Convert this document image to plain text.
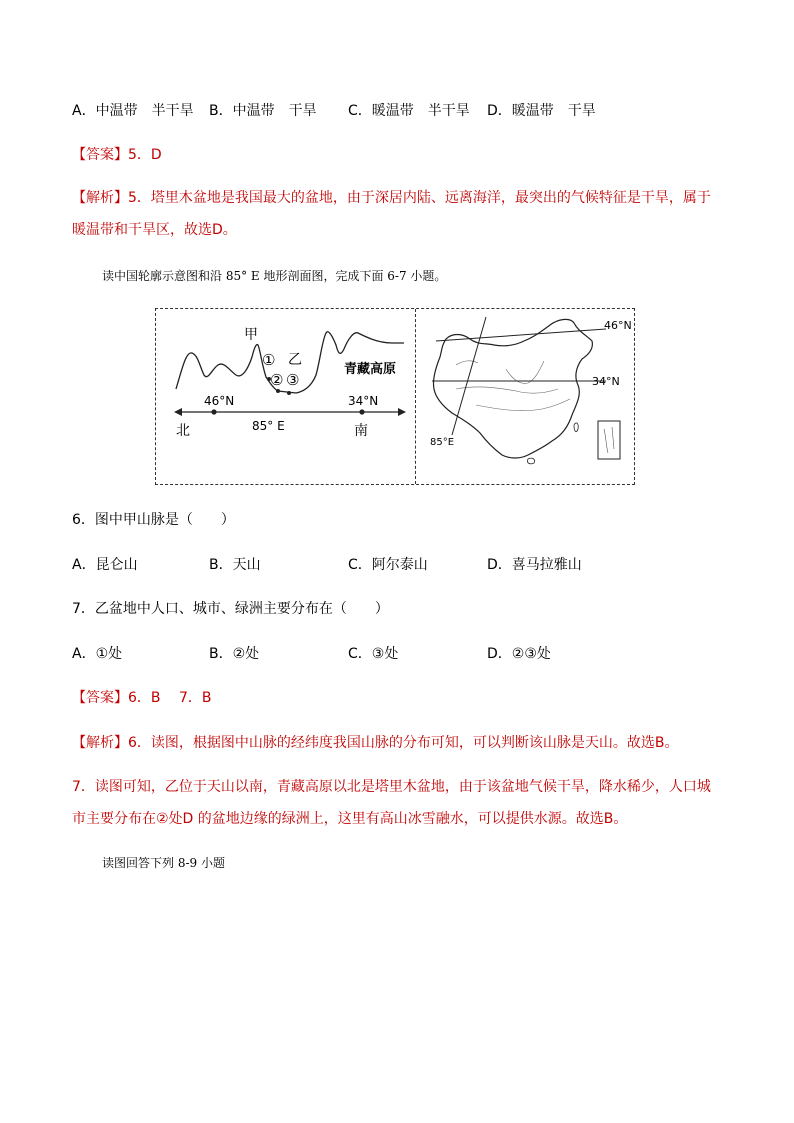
A．中温带　半干旱 B．中温带　干旱 C．暖温带　半干旱 D．暖温带　干旱
【答案】5．D
【解析】5．塔里木盆地是我国最大的盆地，由于深居内陆、远离海洋，最突出的气候特征是干旱，属于暖温带和干旱区，故选D。
读中国轮廓示意图和沿 85° E 地形剖面图，完成下面 6-7 小题。
甲
乙
①
② ③
青藏高原
46°N	34°N
北	南
85° E
46°N
34°N
85°E
6．图中甲山脉是（　　）
A．昆仑山	B．天山	C．阿尔泰山	D．喜马拉雅山
7．乙盆地中人口、城市、绿洲主要分布在（　　）
A．①处	B．②处	C．③处	D．②③处
【答案】6．B　 7．B
【解析】6．读图，根据图中山脉的经纬度我国山脉的分布可知，可以判断该山脉是天山。故选B。
7．读图可知，乙位于天山以南，青藏高原以北是塔里木盆地，由于该盆地气候干旱，降水稀少，人口城市主要分布在②处D 的盆地边缘的绿洲上，这里有高山冰雪融水，可以提供水源。故选B。
读图回答下列 8-9 小题
